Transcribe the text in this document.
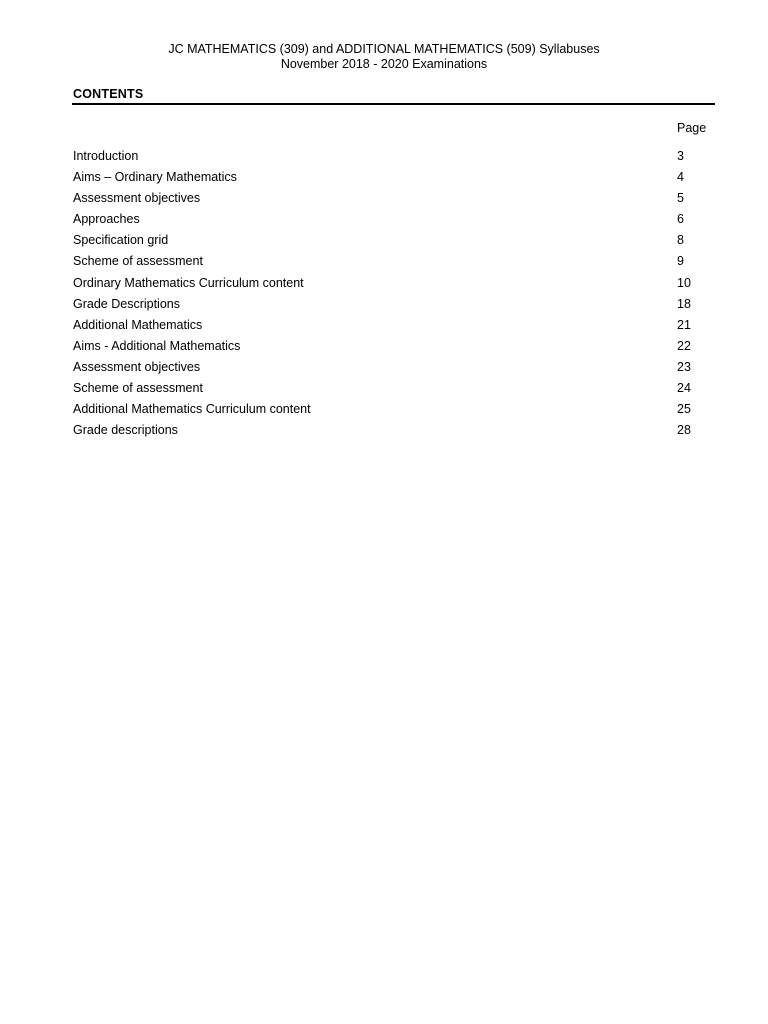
JC MATHEMATICS (309) and ADDITIONAL MATHEMATICS (509) Syllabuses
November 2018 - 2020 Examinations
CONTENTS
Page
Introduction	3
Aims – Ordinary Mathematics	4
Assessment objectives	5
Approaches	6
Specification grid	8
Scheme of assessment	9
Ordinary Mathematics Curriculum content	10
Grade Descriptions	18
Additional Mathematics	21
Aims - Additional Mathematics	22
Assessment objectives	23
Scheme of assessment	24
Additional Mathematics Curriculum content	25
Grade descriptions	28
